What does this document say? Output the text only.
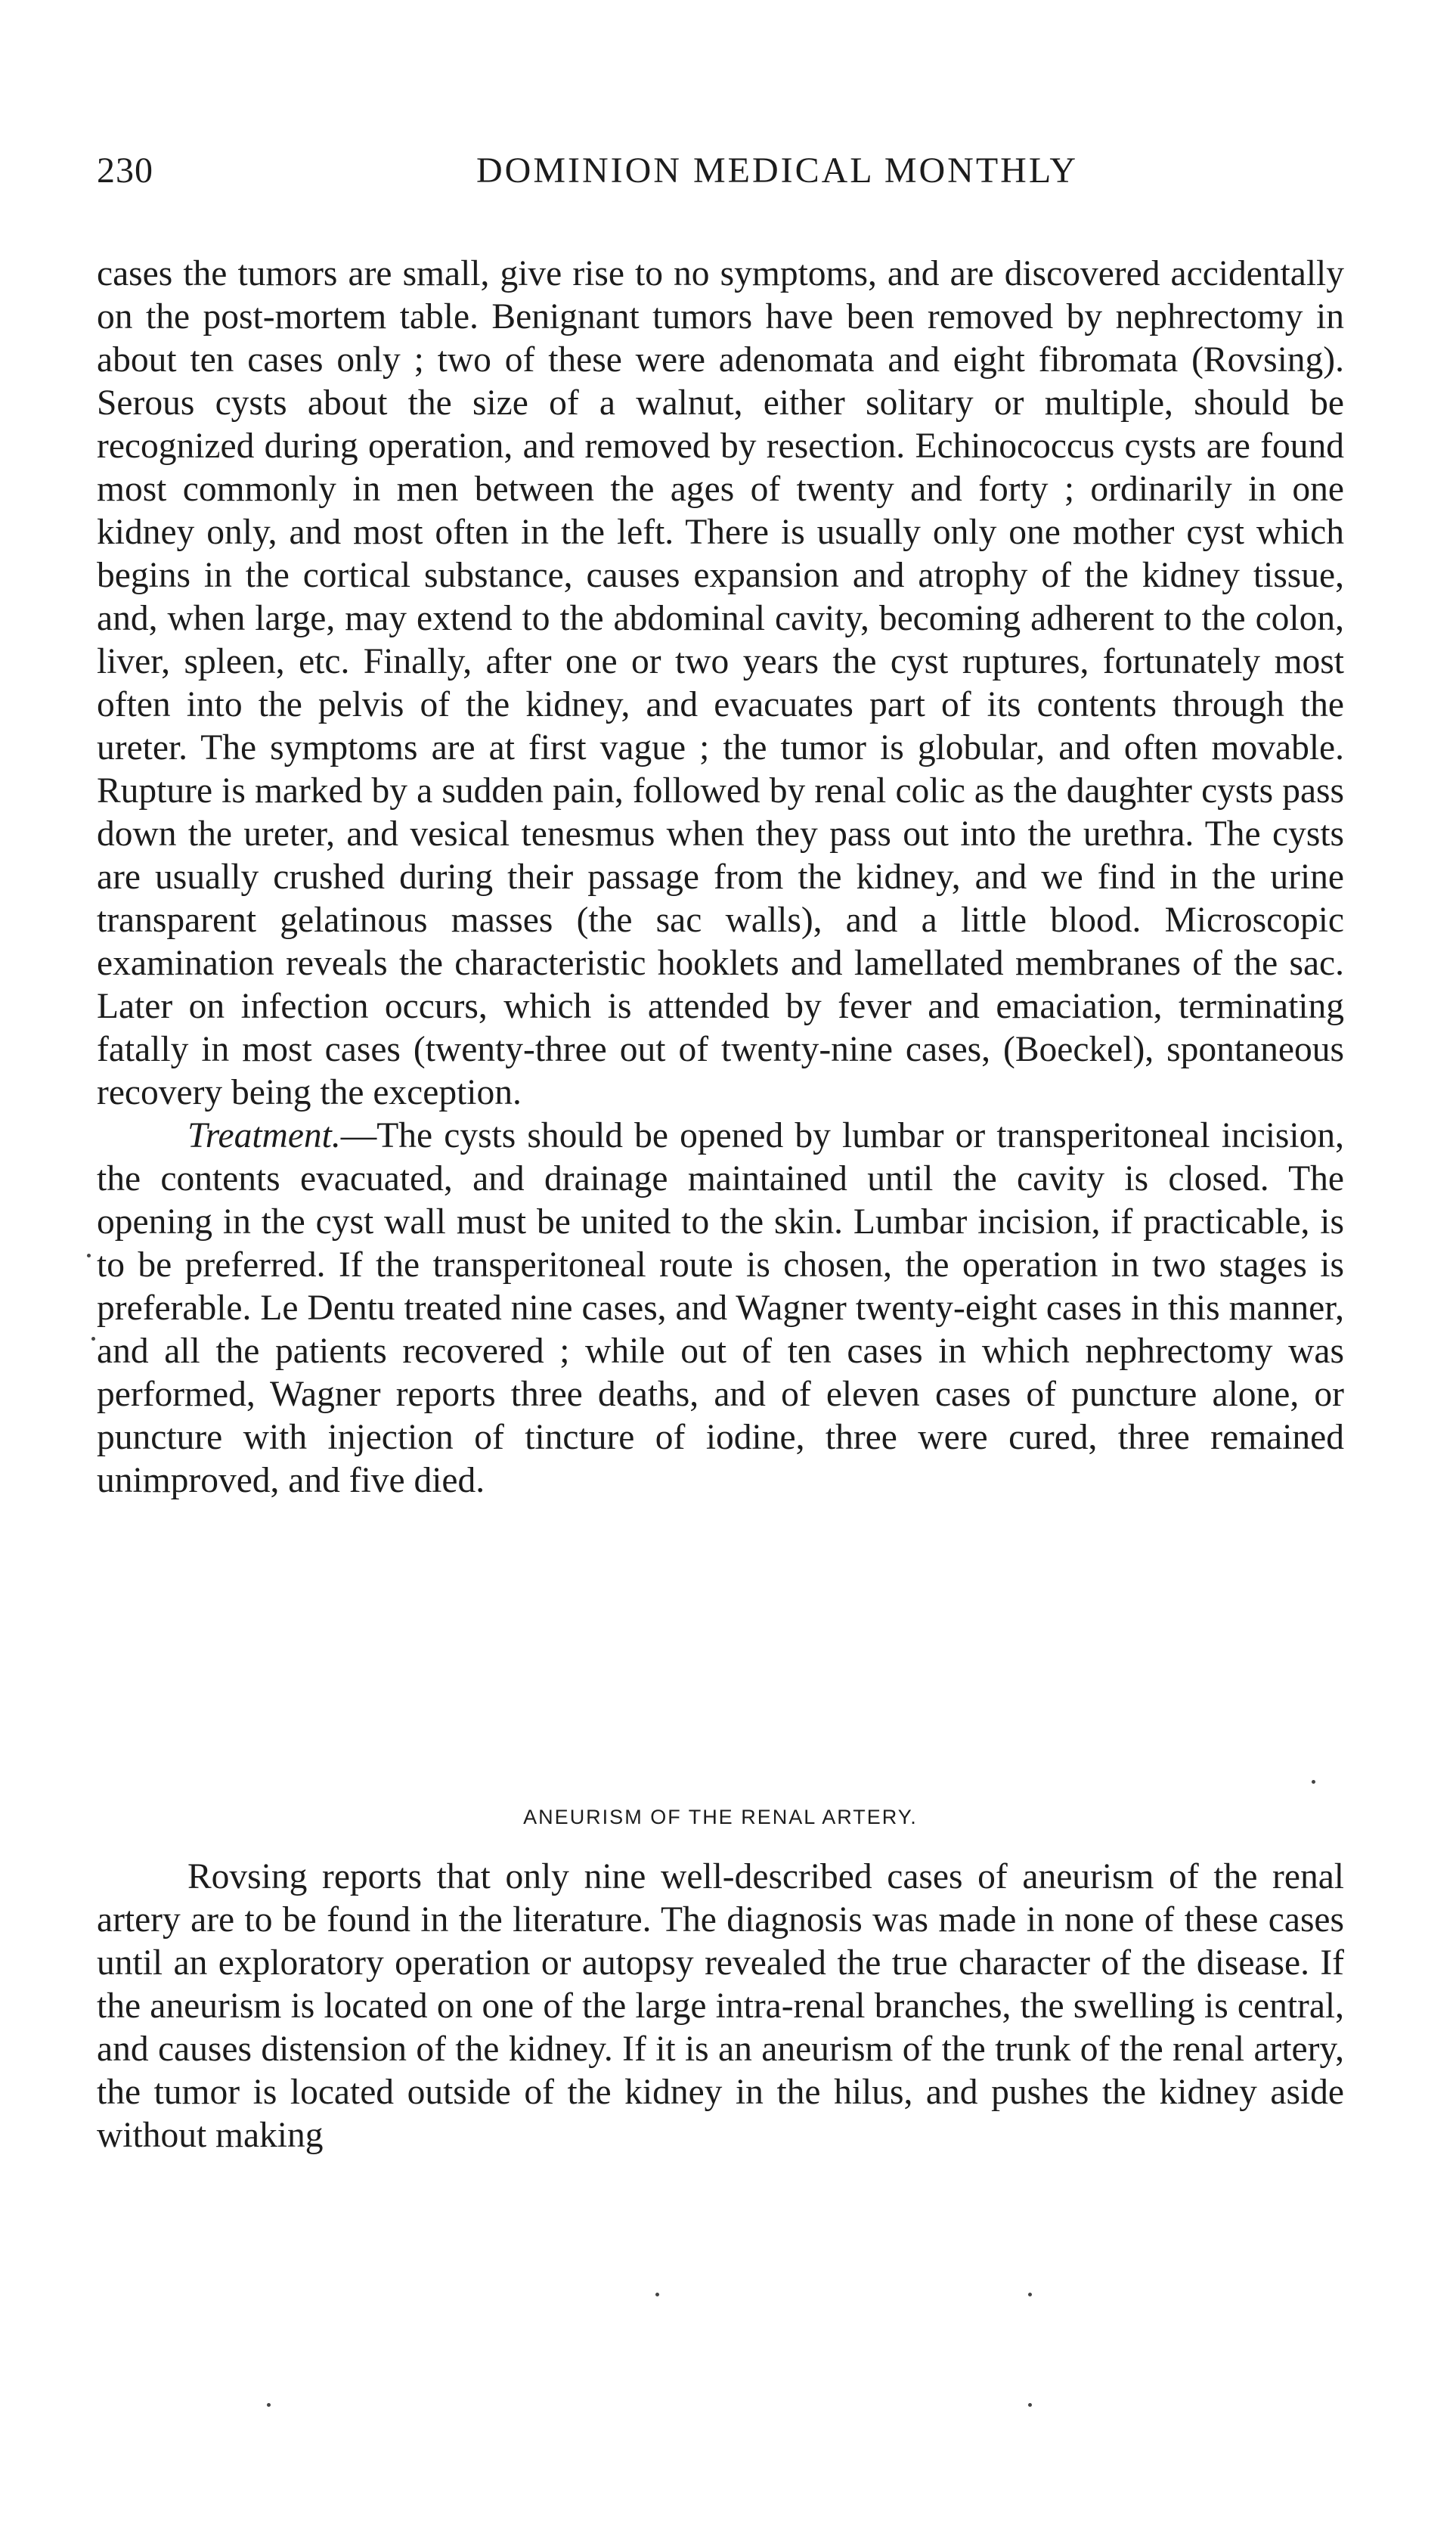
230	DOMINION MEDICAL MONTHLY

cases the tumors are small, give rise to no symptoms, and are discovered accidentally on the post-mortem table. Benignant tumors have been removed by nephrectomy in about ten cases only ; two of these were adenomata and eight fibromata (Rovsing). Serous cysts about the size of a walnut, either solitary or multiple, should be recognized during operation, and removed by resection. Echinococcus cysts are found most commonly in men between the ages of twenty and forty ; ordinarily in one kidney only, and most often in the left. There is usually only one mother cyst which begins in the cortical substance, causes expansion and atrophy of the kidney tissue, and, when large, may extend to the abdominal cavity, becoming adherent to the colon, liver, spleen, etc. Finally, after one or two years the cyst ruptures, fortunately most often into the pelvis of the kidney, and evacuates part of its contents through the ureter. The symptoms are at first vague ; the tumor is globular, and often movable. Rupture is marked by a sudden pain, followed by renal colic as the daughter cysts pass down the ureter, and vesical tenesmus when they pass out into the urethra. The cysts are usually crushed during their passage from the kidney, and we find in the urine transparent gelatinous masses (the sac walls), and a little blood. Microscopic examination reveals the characteristic hooklets and lamellated membranes of the sac. Later on infection occurs, which is attended by fever and emaciation, terminating fatally in most cases (twenty-three out of twenty-nine cases, (Boeckel), spontaneous recovery being the exception.

Treatment.—The cysts should be opened by lumbar or transperitoneal incision, the contents evacuated, and drainage maintained until the cavity is closed. The opening in the cyst wall must be united to the skin. Lumbar incision, if practicable, is to be preferred. If the transperitoneal route is chosen, the operation in two stages is preferable. Le Dentu treated nine cases, and Wagner twenty-eight cases in this manner, and all the patients recovered ; while out of ten cases in which nephrectomy was performed, Wagner reports three deaths, and of eleven cases of puncture alone, or puncture with injection of tincture of iodine, three were cured, three remained unimproved, and five died.

ANEURISM OF THE RENAL ARTERY.

Rovsing reports that only nine well-described cases of aneurism of the renal artery are to be found in the literature. The diagnosis was made in none of these cases until an exploratory operation or autopsy revealed the true character of the disease. If the aneurism is located on one of the large intra-renal branches, the swelling is central, and causes distension of the kidney. If it is an aneurism of the trunk of the renal artery, the tumor is located outside of the kidney in the hilus, and pushes the kidney aside without making
